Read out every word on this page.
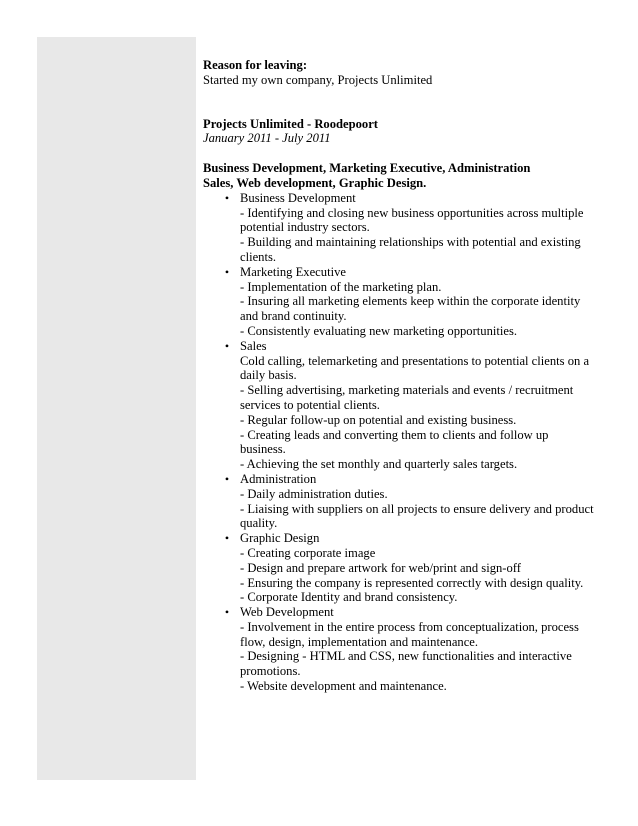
Reason for leaving:
Started my own company, Projects Unlimited
Projects Unlimited - Roodepoort
January 2011 - July 2011
Business Development, Marketing Executive, Administration
Sales, Web development, Graphic Design.
• Business Development
- Identifying and closing new business opportunities across multiple potential industry sectors.
- Building and maintaining relationships with potential and existing clients.
• Marketing Executive
- Implementation of the marketing plan.
- Insuring all marketing elements keep within the corporate identity and brand continuity.
- Consistently evaluating new marketing opportunities.
• Sales
Cold calling, telemarketing and presentations to potential clients on a daily basis.
- Selling advertising, marketing materials and events / recruitment services to potential clients.
- Regular follow-up on potential and existing business.
- Creating leads and converting them to clients and follow up business.
- Achieving the set monthly and quarterly sales targets.
• Administration
- Daily administration duties.
- Liaising with suppliers on all projects to ensure delivery and product quality.
• Graphic Design
- Creating corporate image
- Design and prepare artwork for web/print and sign-off
- Ensuring the company is represented correctly with design quality.
- Corporate Identity and brand consistency.
• Web Development
- Involvement in the entire process from conceptualization, process flow, design, implementation and maintenance.
- Designing - HTML and CSS, new functionalities and interactive promotions.
- Website development and maintenance.
